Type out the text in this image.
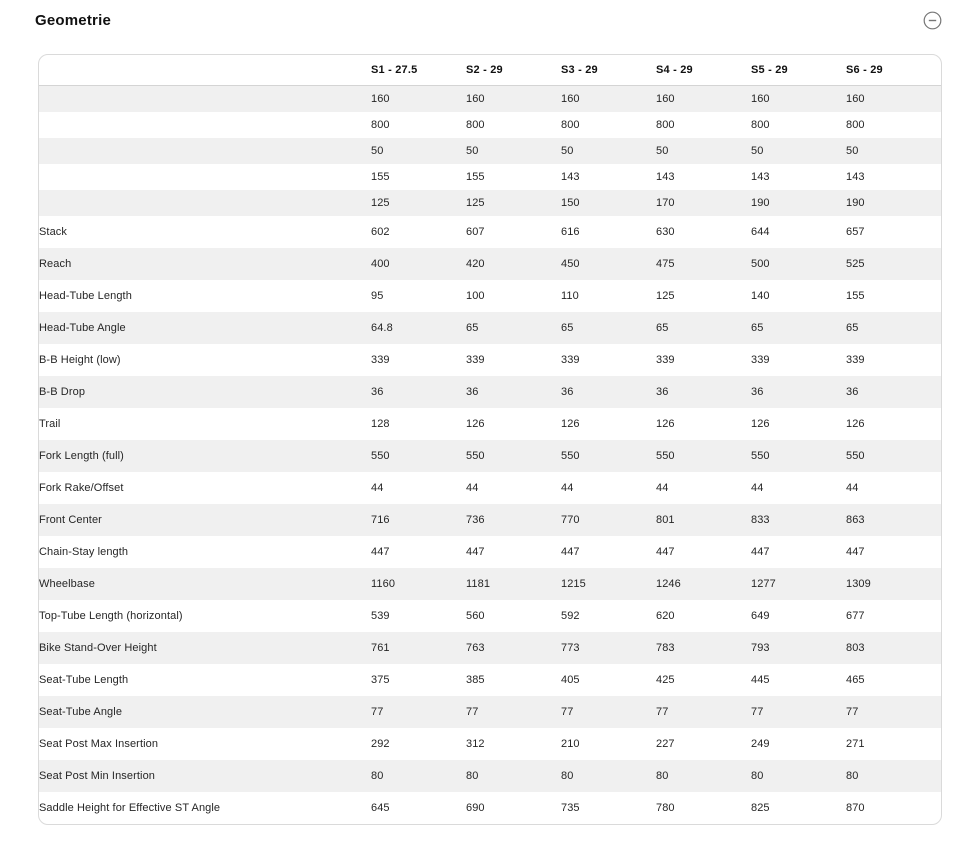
Geometrie
	S1 - 27.5	S2 - 29	S3 - 29	S4 - 29	S5 - 29	S6 - 29
	160	160	160	160	160	160
	800	800	800	800	800	800
	50	50	50	50	50	50
	155	155	143	143	143	143
	125	125	150	170	190	190
Stack	602	607	616	630	644	657
Reach	400	420	450	475	500	525
Head-Tube Length	95	100	110	125	140	155
Head-Tube Angle	64.8	65	65	65	65	65
B-B Height (low)	339	339	339	339	339	339
B-B Drop	36	36	36	36	36	36
Trail	128	126	126	126	126	126
Fork Length (full)	550	550	550	550	550	550
Fork Rake/Offset	44	44	44	44	44	44
Front Center	716	736	770	801	833	863
Chain-Stay length	447	447	447	447	447	447
Wheelbase	1160	1181	1215	1246	1277	1309
Top-Tube Length (horizontal)	539	560	592	620	649	677
Bike Stand-Over Height	761	763	773	783	793	803
Seat-Tube Length	375	385	405	425	445	465
Seat-Tube Angle	77	77	77	77	77	77
Seat Post Max Insertion	292	312	210	227	249	271
Seat Post Min Insertion	80	80	80	80	80	80
Saddle Height for Effective ST Angle	645	690	735	780	825	870
